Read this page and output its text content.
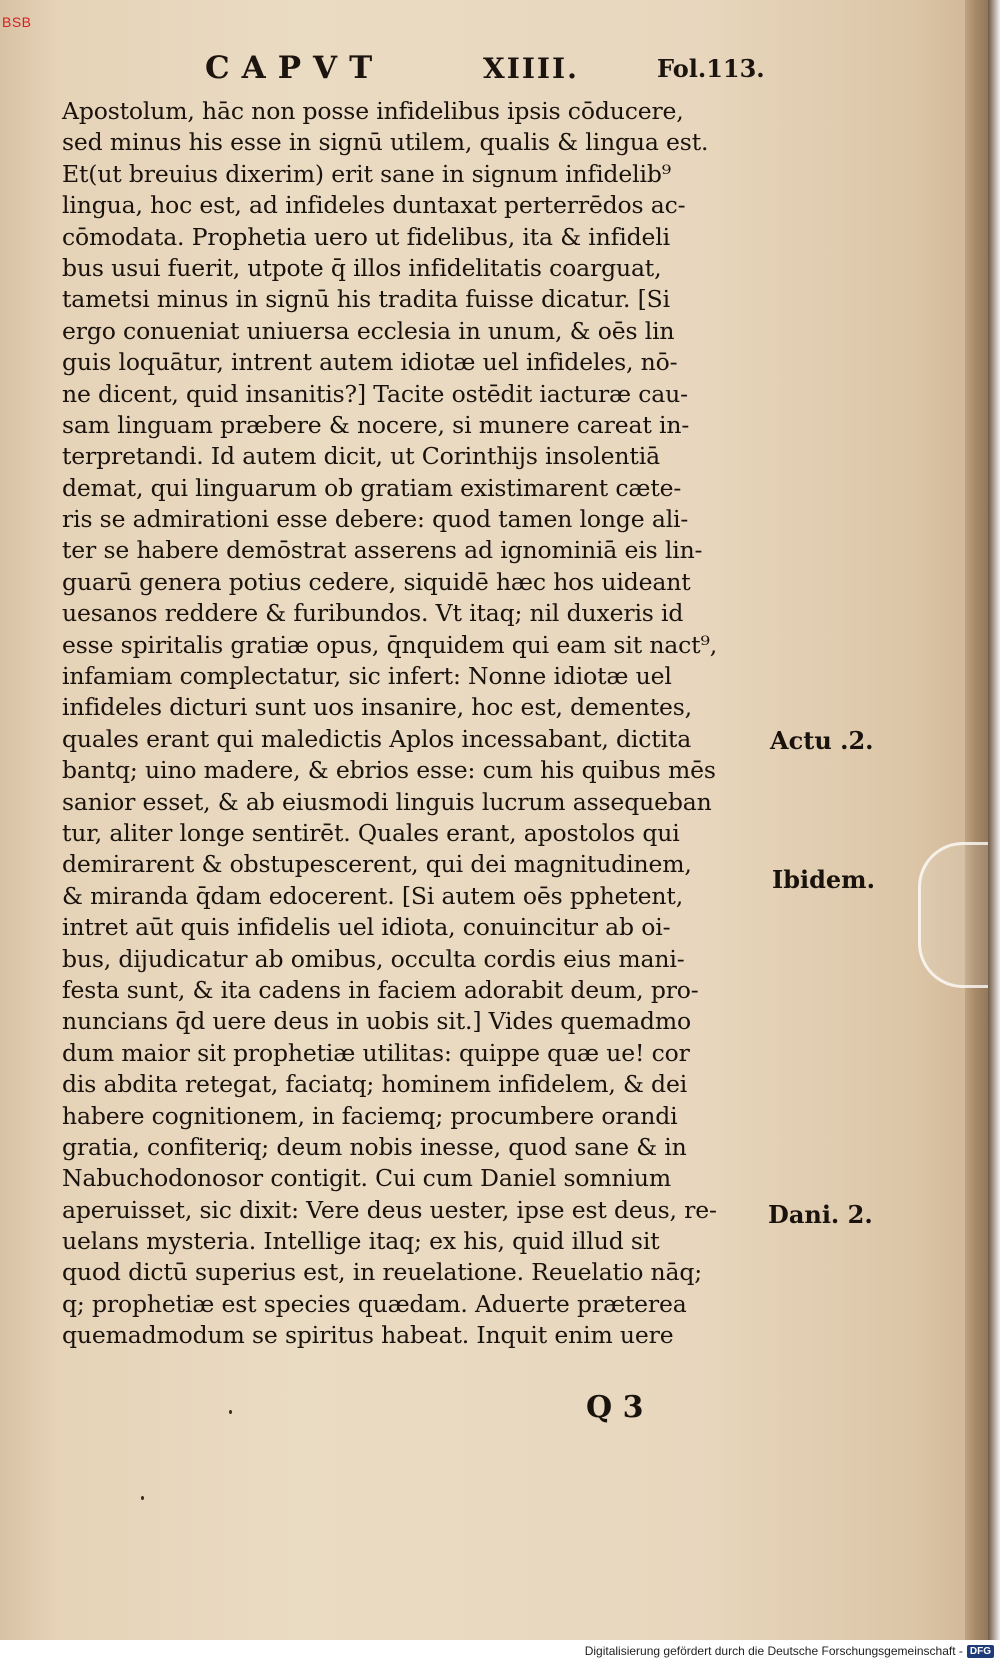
CAPVT	XIIII.	Fol.113.
Apostolum, hāc non posse infidelibus ipsis cōducere,
sed minus his esse in signū utilem, qualis & lingua est.
Et(ut breuius dixerim) erit sane in signum infidelib⁹
lingua, hoc est, ad infideles duntaxat perterrēdos ac-
cōmodata. Prophetia uero ut fidelibus, ita & infideli
bus usui fuerit, utpote q̄ illos infidelitatis coarguat,
tametsi minus in signū his tradita fuisse dicatur. [Si
ergo conueniat uniuersa ecclesia in unum, & oēs lin
guis loquātur, intrent autem idiotæ uel infideles, nō-
ne dicent, quid insanitis?] Tacite ostēdit iacturæ cau-
sam linguam præbere & nocere, si munere careat in-
terpretandi. Id autem dicit, ut Corinthijs insolentiā
demat, qui linguarum ob gratiam existimarent cæte-
ris se admirationi esse debere: quod tamen longe ali-
ter se habere demōstrat asserens ad ignominiā eis lin-
guarū genera potius cedere, siquidē hæc hos uideant
uesanos reddere & furibundos. Vt itaq; nil duxeris id
esse spiritalis gratiæ opus, q̄nquidem qui eam sit nact⁹,
infamiam complectatur, sic infert: Nonne idiotæ uel
infideles dicturi sunt uos insanire, hoc est, dementes,
quales erant qui maledictis Aplos incessabant, dictita
bantq; uino madere, & ebrios esse: cum his quibus mēs
sanior esset, & ab eiusmodi linguis lucrum assequeban
tur, aliter longe sentirēt. Quales erant, apostolos qui
demirarent & obstupescerent, qui dei magnitudinem,
& miranda q̄dam edocerent. [Si autem oēs pphetent,
intret aūt quis infidelis uel idiota, conuincitur ab oi-
bus, dijudicatur ab omibus, occulta cordis eius mani-
festa sunt, & ita cadens in faciem adorabit deum, pro-
nuncians q̄d uere deus in uobis sit.] Vides quemadmo
dum maior sit prophetiæ utilitas: quippe quæ ue! cor
dis abdita retegat, faciatq; hominem infidelem, & dei
habere cognitionem, in faciemq; procumbere orandi
gratia, confiteriq; deum nobis inesse, quod sane & in
Nabuchodonosor contigit. Cui cum Daniel somnium
aperuisset, sic dixit: Vere deus uester, ipse est deus, re-
uelans mysteria. Intellige itaq; ex his, quid illud sit
quod dictū superius est, in reuelatione. Reuelatio nāq;
q; prophetiæ est species quædam. Aduerte præterea
quemadmodum se spiritus habeat. Inquit enim uere
Actu .2.
Ibidem.
Dani. 2.
Q 3
BSB
Digitalisierung gefördert durch die Deutsche Forschungsgemeinschaft - DFG
